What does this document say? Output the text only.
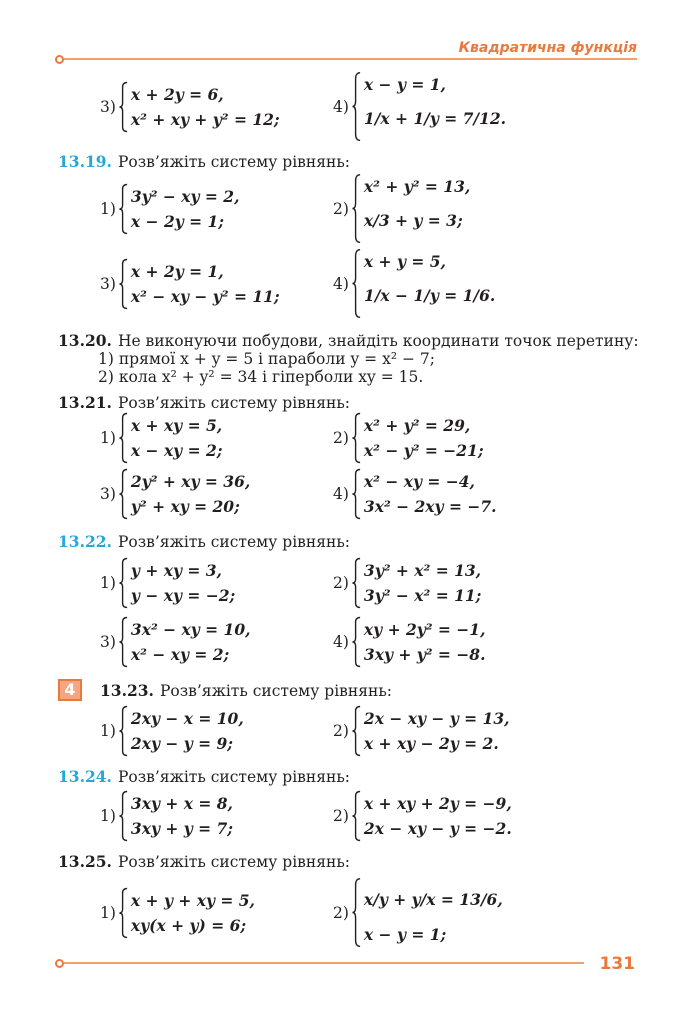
Квадратична функція
3)
x + 2y = 6,
x² + xy + y² = 12;
4)
x − y = 1,
1/x + 1/y = 7/12.
13.19. Розв’яжіть систему рівнянь:
1)
3y² − xy = 2,
x − 2y = 1;
2)
x² + y² = 13,
x/3 + y = 3;
3)
x + 2y = 1,
x² − xy − y² = 11;
4)
x + y = 5,
1/x − 1/y = 1/6.
13.20. Не виконуючи побудови, знайдіть координати точок перетину:
1) прямої x + y = 5 і параболи y = x² − 7;
2) кола x² + y² = 34 і гіперболи xy = 15.
13.21. Розв’яжіть систему рівнянь:
1)
x + xy = 5,
x − xy = 2;
2)
x² + y² = 29,
x² − y² = −21;
3)
2y² + xy = 36,
y² + xy = 20;
4)
x² − xy = −4,
3x² − 2xy = −7.
13.22. Розв’яжіть систему рівнянь:
1)
y + xy = 3,
y − xy = −2;
2)
3y² + x² = 13,
3y² − x² = 11;
3)
3x² − xy = 10,
x² − xy = 2;
4)
xy + 2y² = −1,
3xy + y² = −8.
4	13.23. Розв’яжіть систему рівнянь:
1)
2xy − x = 10,
2xy − y = 9;
2)
2x − xy − y = 13,
x + xy − 2y = 2.
13.24. Розв’яжіть систему рівнянь:
1)
3xy + x = 8,
3xy + y = 7;
2)
x + xy + 2y = −9,
2x − xy − y = −2.
13.25. Розв’яжіть систему рівнянь:
1)
x + y + xy = 5,
xy(x + y) = 6;
2)
x/y + y/x = 13/6,
x − y = 1;
131
